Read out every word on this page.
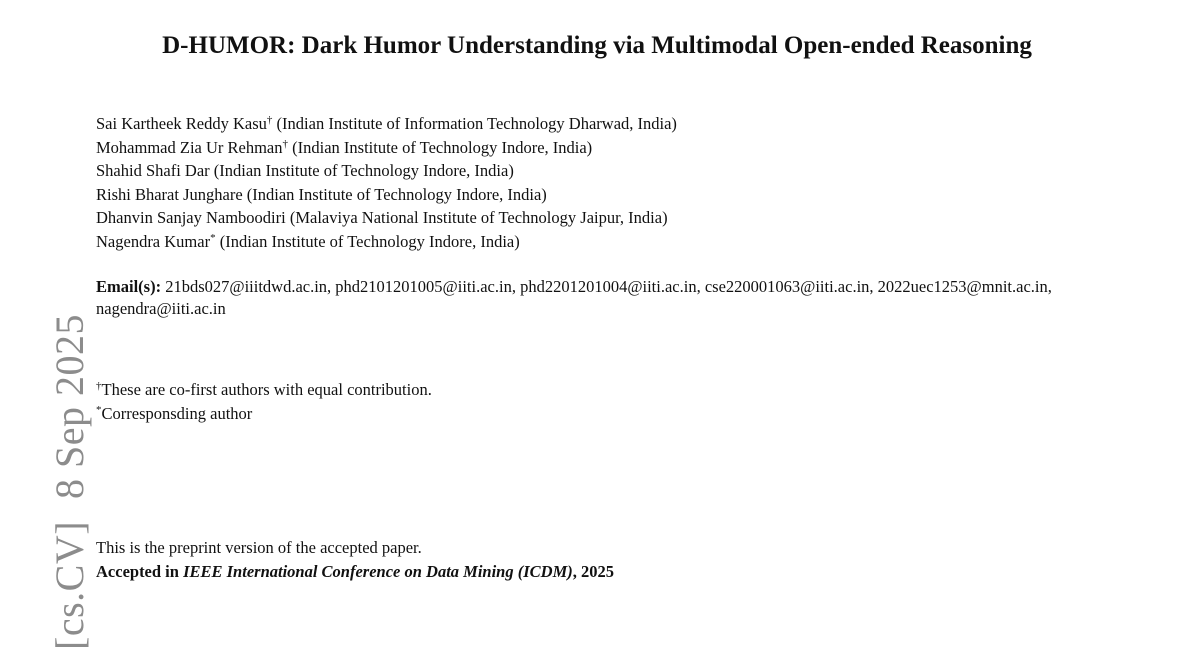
D-HUMOR: Dark Humor Understanding via Multimodal Open-ended Reasoning
Sai Kartheek Reddy Kasu† (Indian Institute of Information Technology Dharwad, India)
Mohammad Zia Ur Rehman† (Indian Institute of Technology Indore, India)
Shahid Shafi Dar (Indian Institute of Technology Indore, India)
Rishi Bharat Junghare (Indian Institute of Technology Indore, India)
Dhanvin Sanjay Namboodiri (Malaviya National Institute of Technology Jaipur, India)
Nagendra Kumar* (Indian Institute of Technology Indore, India)
Email(s): 21bds027@iiitdwd.ac.in, phd2101201005@iiti.ac.in, phd2201201004@iiti.ac.in, cse220001063@iiti.ac.in, 2022uec1253@mnit.ac.in, nagendra@iiti.ac.in
†These are co-first authors with equal contribution.
*Corresponsding author
This is the preprint version of the accepted paper.
Accepted in IEEE International Conference on Data Mining (ICDM), 2025
[cs.CV]8 Sep 2025
